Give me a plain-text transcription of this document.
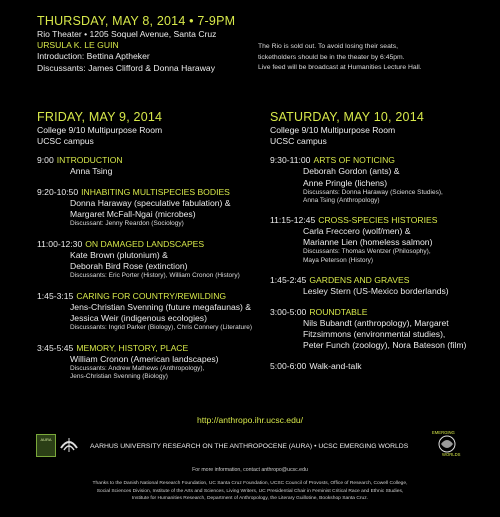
THURSDAY, MAY 8, 2014 • 7-9PM
Rio Theater • 1205 Soquel Avenue, Santa Cruz
URSULA K. LE GUIN
Introduction: Bettina Aptheker
Discussants: James Clifford & Donna Haraway
The Rio is sold out. To avoid losing their seats,
ticketholders should be in the theater by 6:45pm.
Live feed will be broadcast at Humanities Lecture Hall.
FRIDAY, MAY 9, 2014
College 9/10 Multipurpose Room
UCSC campus
9:00 INTRODUCTION
Anna Tsing
9:20-10:50 INHABITING MULTISPECIES BODIES
Donna Haraway (speculative fabulation) &
Margaret McFall-Ngai (microbes)
Discussant: Jenny Reardon (Sociology)
11:00-12:30 ON DAMAGED LANDSCAPES
Kate Brown (plutonium) &
Deborah Bird Rose (extinction)
Discussants: Eric Porter (History), William Cronon (History)
1:45-3:15 CARING FOR COUNTRY/REWILDING
Jens-Christian Svenning (future megafaunas) &
Jessica Weir (indigenous ecologies)
Discussants: Ingrid Parker (Biology), Chris Connery (Literature)
3:45-5:45 MEMORY, HISTORY, PLACE
William Cronon (American landscapes)
Discussants: Andrew Mathews (Anthropology),
Jens-Christian Svenning (Biology)
SATURDAY, MAY 10, 2014
College 9/10 Multipurpose Room
UCSC campus
9:30-11:00 ARTS OF NOTICING
Deborah Gordon (ants) &
Anne Pringle (lichens)
Discussants: Donna Haraway (Science Studies),
Anna Tsing (Anthropology)
11:15-12:45 CROSS-SPECIES HISTORIES
Carla Freccero (wolf/men) &
Marianne Lien (homeless salmon)
Discussants: Thomas Wentzer (Philosophy),
Maya Peterson (History)
1:45-2:45 GARDENS AND GRAVES
Lesley Stern (US-Mexico borderlands)
3:00-5:00 ROUNDTABLE
Nils Bubandt (anthropology), Margaret
Fitzsimmons (environmental studies),
Peter Funch (zoology), Nora Bateson (film)
5:00-6:00 Walk-and-talk
http://anthropo.ihr.ucsc.edu/
AURA
AARHUS UNIVERSITY RESEARCH ON THE ANTHROPOCENE (AURA) • UCSC EMERGING WORLDS
EMERGING
WORLDS
For more information, contact anthropo@ucsc.edu
Thanks to the Danish National Research Foundation, UC Santa Cruz Foundation, UCSC Council of Provosts, Office of Research, Cowell College,
Social Sciences Division, Institute of the Arts and Sciences, Living Writers, UC Presidential Chair in Feminist Critical Race and Ethnic Studies,
Institute for Humanities Research, Department of Anthropology, the Literary Guillotine, Bookshop Santa Cruz.
